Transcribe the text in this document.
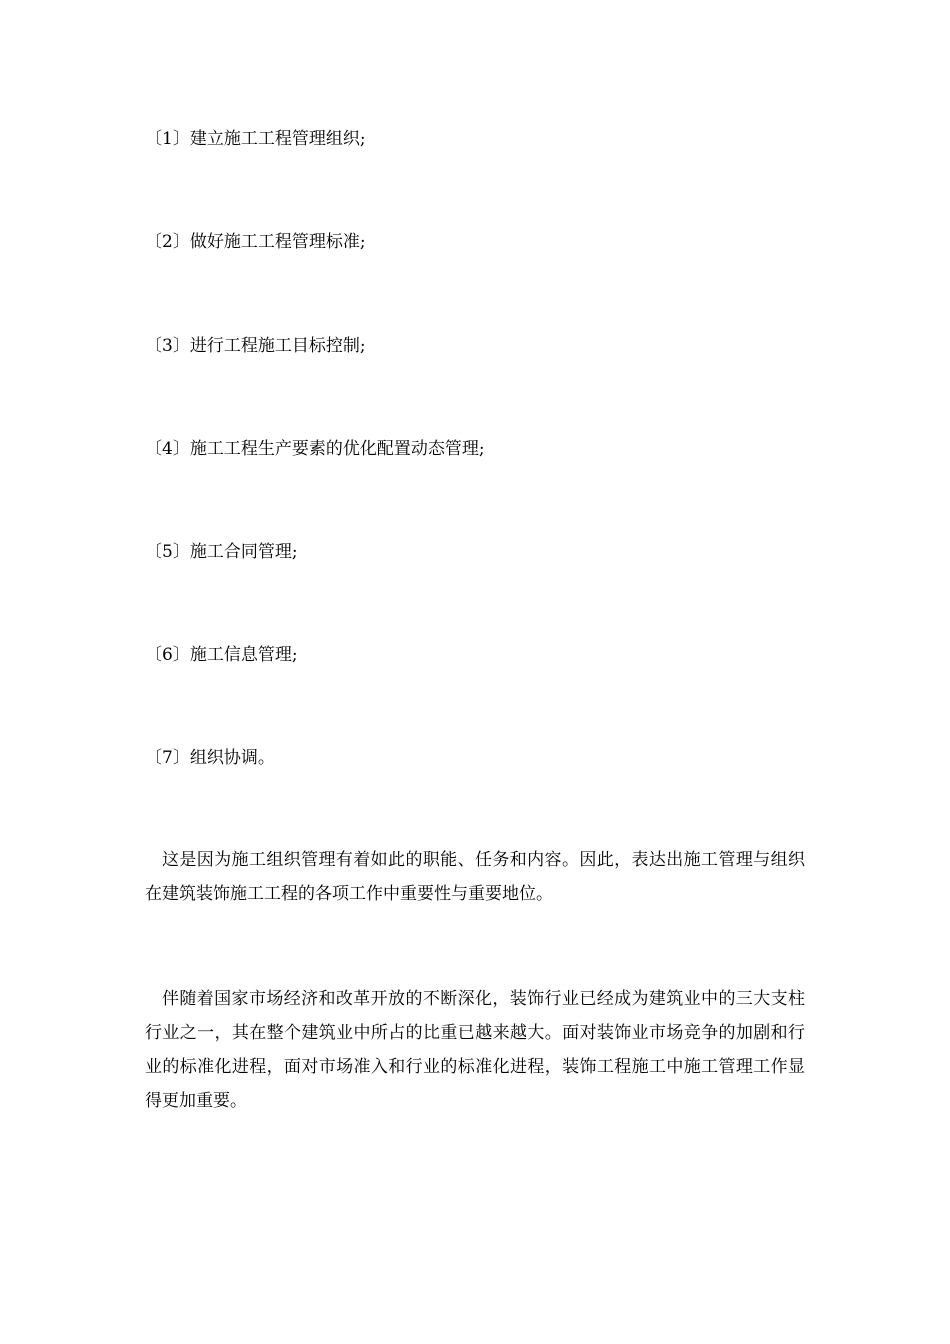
〔1〕建立施工工程管理组织;
〔2〕做好施工工程管理标准;
〔3〕进行工程施工目标控制;
〔4〕施工工程生产要素的优化配置动态管理;
〔5〕施工合同管理;
〔6〕施工信息管理;
〔7〕组织协调。
这是因为施工组织管理有着如此的职能、任务和内容。因此，表达出施工管理与组织在建筑装饰施工工程的各项工作中重要性与重要地位。
伴随着国家市场经济和改革开放的不断深化，装饰行业已经成为建筑业中的三大支柱行业之一，其在整个建筑业中所占的比重已越来越大。面对装饰业市场竞争的加剧和行业的标准化进程，面对市场准入和行业的标准化进程，装饰工程施工中施工管理工作显得更加重要。
